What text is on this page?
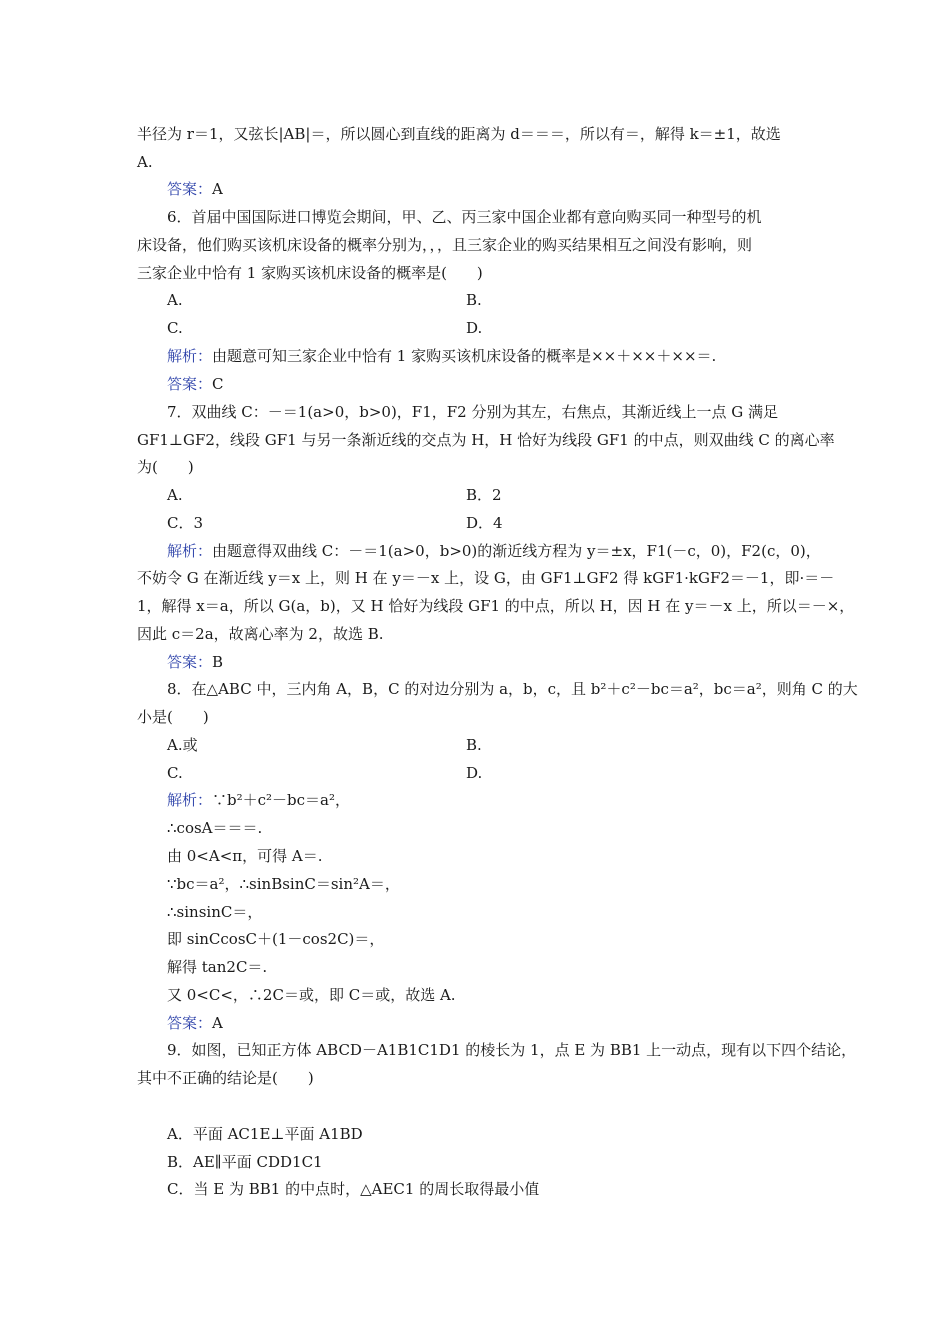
半径为 r＝1，又弦长|AB|＝，所以圆心到直线的距离为 d＝＝＝，所以有＝，解得 k＝±1，故选
A.
答案：A
6．首届中国国际进口博览会期间，甲、乙、丙三家中国企业都有意向购买同一种型号的机
床设备，他们购买该机床设备的概率分别为，，，且三家企业的购买结果相互之间没有影响，则
三家企业中恰有 1 家购买该机床设备的概率是(　　)
A.	B.
C.	D.
解析：由题意可知三家企业中恰有 1 家购买该机床设备的概率是××＋××＋××＝.
答案：C
7．双曲线 C：－＝1(a>0，b>0)，F1，F2 分别为其左，右焦点，其渐近线上一点 G 满足
GF1⊥GF2，线段 GF1 与另一条渐近线的交点为 H，H 恰好为线段 GF1 的中点，则双曲线 C 的离心率
为(　　)
A.	B．2
C．3	D．4
解析：由题意得双曲线 C：－＝1(a>0，b>0)的渐近线方程为 y＝±x，F1(－c，0)，F2(c，0)，
不妨令 G 在渐近线 y＝x 上，则 H 在 y＝－x 上，设 G，由 GF1⊥GF2 得 kGF1·kGF2＝－1，即·＝－
1，解得 x＝a，所以 G(a，b)，又 H 恰好为线段 GF1 的中点，所以 H，因 H 在 y＝－x 上，所以＝－×，
因此 c＝2a，故离心率为 2，故选 B.
答案：B
8．在△ABC 中，三内角 A，B，C 的对边分别为 a，b，c，且 b²＋c²－bc＝a²，bc＝a²，则角 C 的大
小是(　　)
A.或	B.
C.	D.
解析：∵b²＋c²－bc＝a²，
∴cosA＝＝＝.
由 0<A<π，可得 A＝.
∵bc＝a²，∴sinBsinC＝sin²A＝，
∴sinsinC＝，
即 sinCcosC＋(1－cos2C)＝，
解得 tan2C＝.
又 0<C<，∴2C＝或，即 C＝或，故选 A.
答案：A
9．如图，已知正方体 ABCD－A1B1C1D1 的棱长为 1，点 E 为 BB1 上一动点，现有以下四个结论，
其中不正确的结论是(　　)
A．平面 AC1E⊥平面 A1BD
B．AE∥平面 CDD1C1
C．当 E 为 BB1 的中点时，△AEC1 的周长取得最小值
